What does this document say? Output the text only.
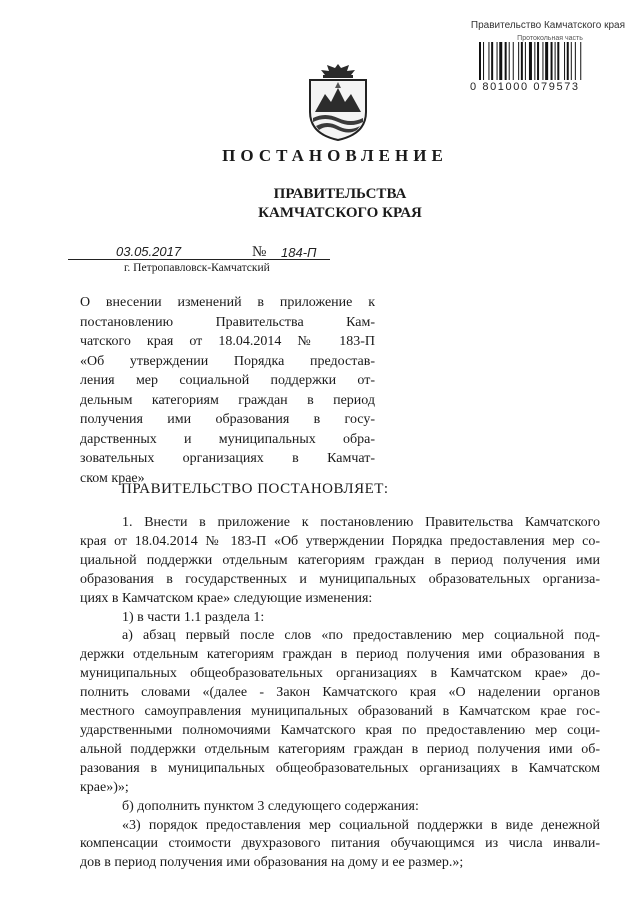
Правительство Камчатского края
Протокольная часть
0 801000 079573
ПОСТАНОВЛЕНИЕ
ПРАВИТЕЛЬСТВА
КАМЧАТСКОГО КРАЯ
03.05.2017	№ 184-П
г. Петропавловск-Камчатский
О внесении изменений в приложение к
постановлению Правительства Кам-
чатского края от 18.04.2014 № 183-П
«Об утверждении Порядка предостав-
ления мер социальной поддержки от-
дельным категориям граждан в период
получения ими образования в госу-
дарственных и муниципальных обра-
зовательных организациях в Камчат-
ском крае»
ПРАВИТЕЛЬСТВО ПОСТАНОВЛЯЕТ:
1. Внести в приложение к постановлению Правительства Камчатского
края от 18.04.2014 № 183-П «Об утверждении Порядка предоставления мер со-
циальной поддержки отдельным категориям граждан в период получения ими
образования в государственных и муниципальных образовательных организа-
циях в Камчатском крае» следующие изменения:
1) в части 1.1 раздела 1:
а) абзац первый после слов «по предоставлению мер социальной под-
держки отдельным категориям граждан в период получения ими образования в
муниципальных общеобразовательных организациях в Камчатском крае» до-
полнить словами «(далее - Закон Камчатского края «О наделении органов
местного самоуправления муниципальных образований в Камчатском крае гос-
ударственными полномочиями Камчатского края по предоставлению мер соци-
альной поддержки отдельным категориям граждан в период получения ими об-
разования в муниципальных общеобразовательных организациях в Камчатском
крае»)»;
б) дополнить пунктом 3 следующего содержания:
«3) порядок предоставления мер социальной поддержки в виде денежной
компенсации стоимости двухразового питания обучающимся из числа инвали-
дов в период получения ими образования на дому и ее размер.»;
